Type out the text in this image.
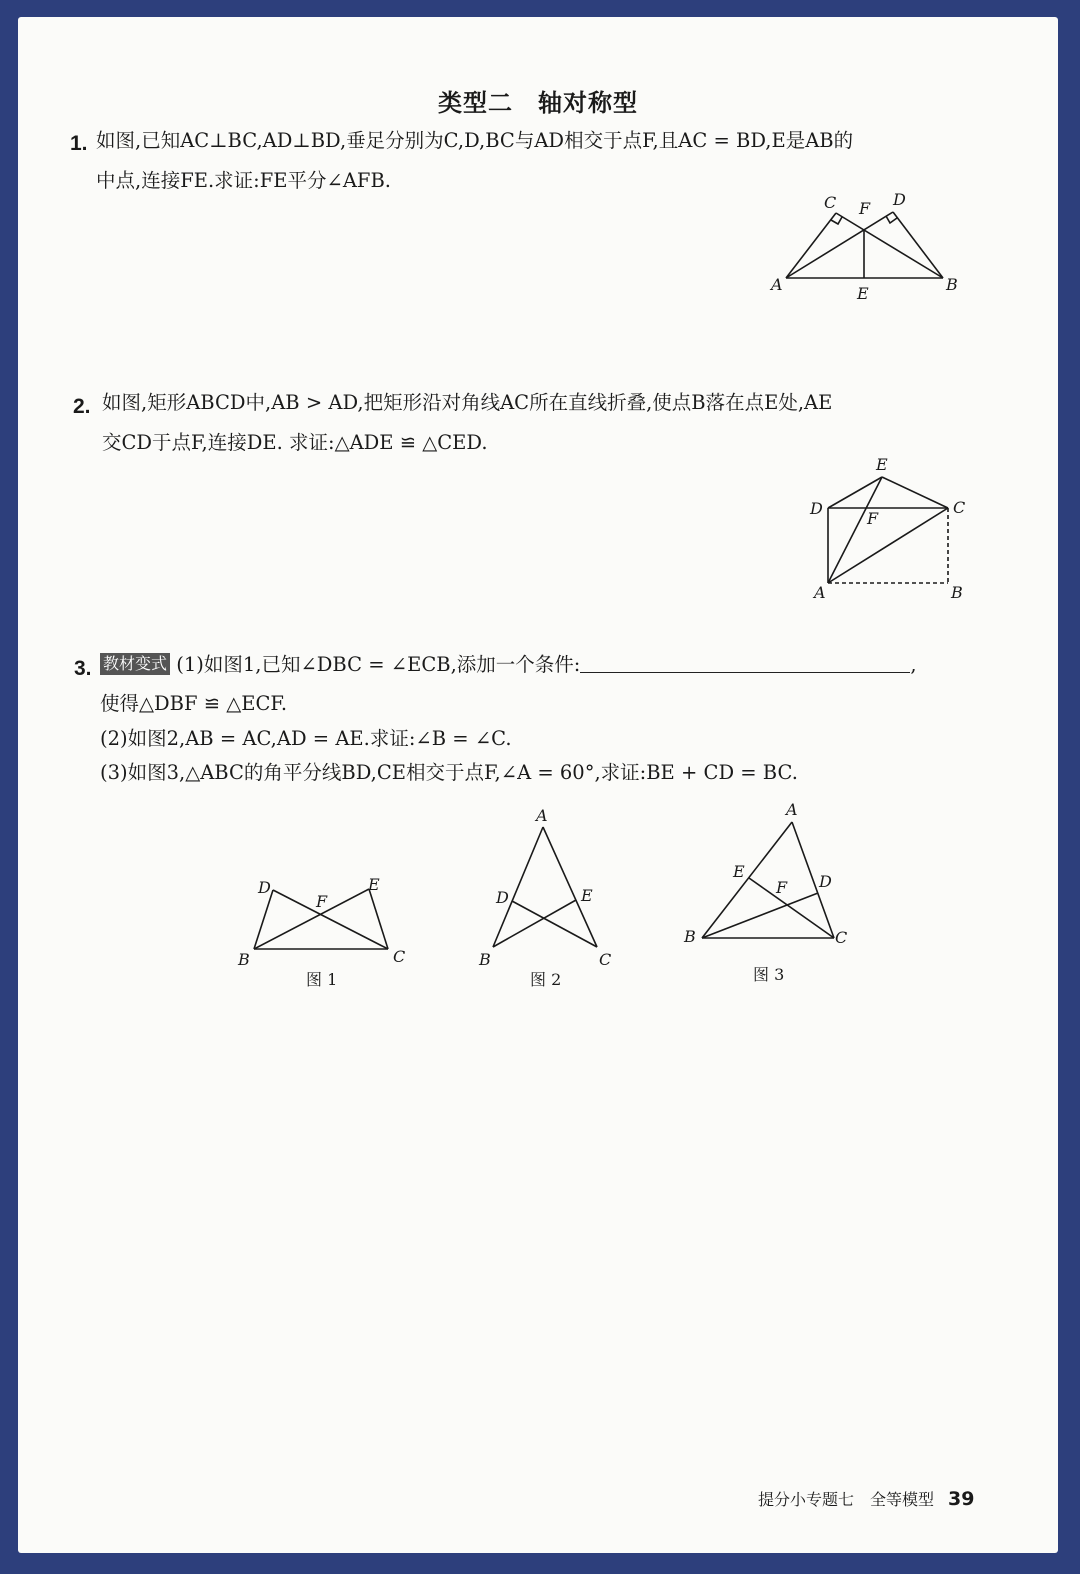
类型二　轴对称型
1. 如图,已知AC⊥BC,AD⊥BD,垂足分别为C,D,BC与AD相交于点F,且AC = BD,E是AB的
中点,连接FE.求证:FE平分∠AFB.
C F D
A	B
E
2. 如图,矩形ABCD中,AB > AD,把矩形沿对角线AC所在直线折叠,使点B落在点E处,AE
交CD于点F,连接DE. 求证:△ADE ≌ △CED.
E
D	C
F
A	B
3. 教材变式 (1)如图1,已知∠DBC = ∠ECB,添加一个条件:	,
使得△DBF ≌ △ECF.
(2)如图2,AB = AC,AD = AE.求证:∠B = ∠C.
(3)如图3,△ABC的角平分线BD,CE相交于点F,∠A = 60°,求证:BE + CD = BC.
D	E
F
B	C
图 1
A
D	E
B	C
图 2
A
E
F D
B	C
图 3
提分小专题七 全等模型 39
